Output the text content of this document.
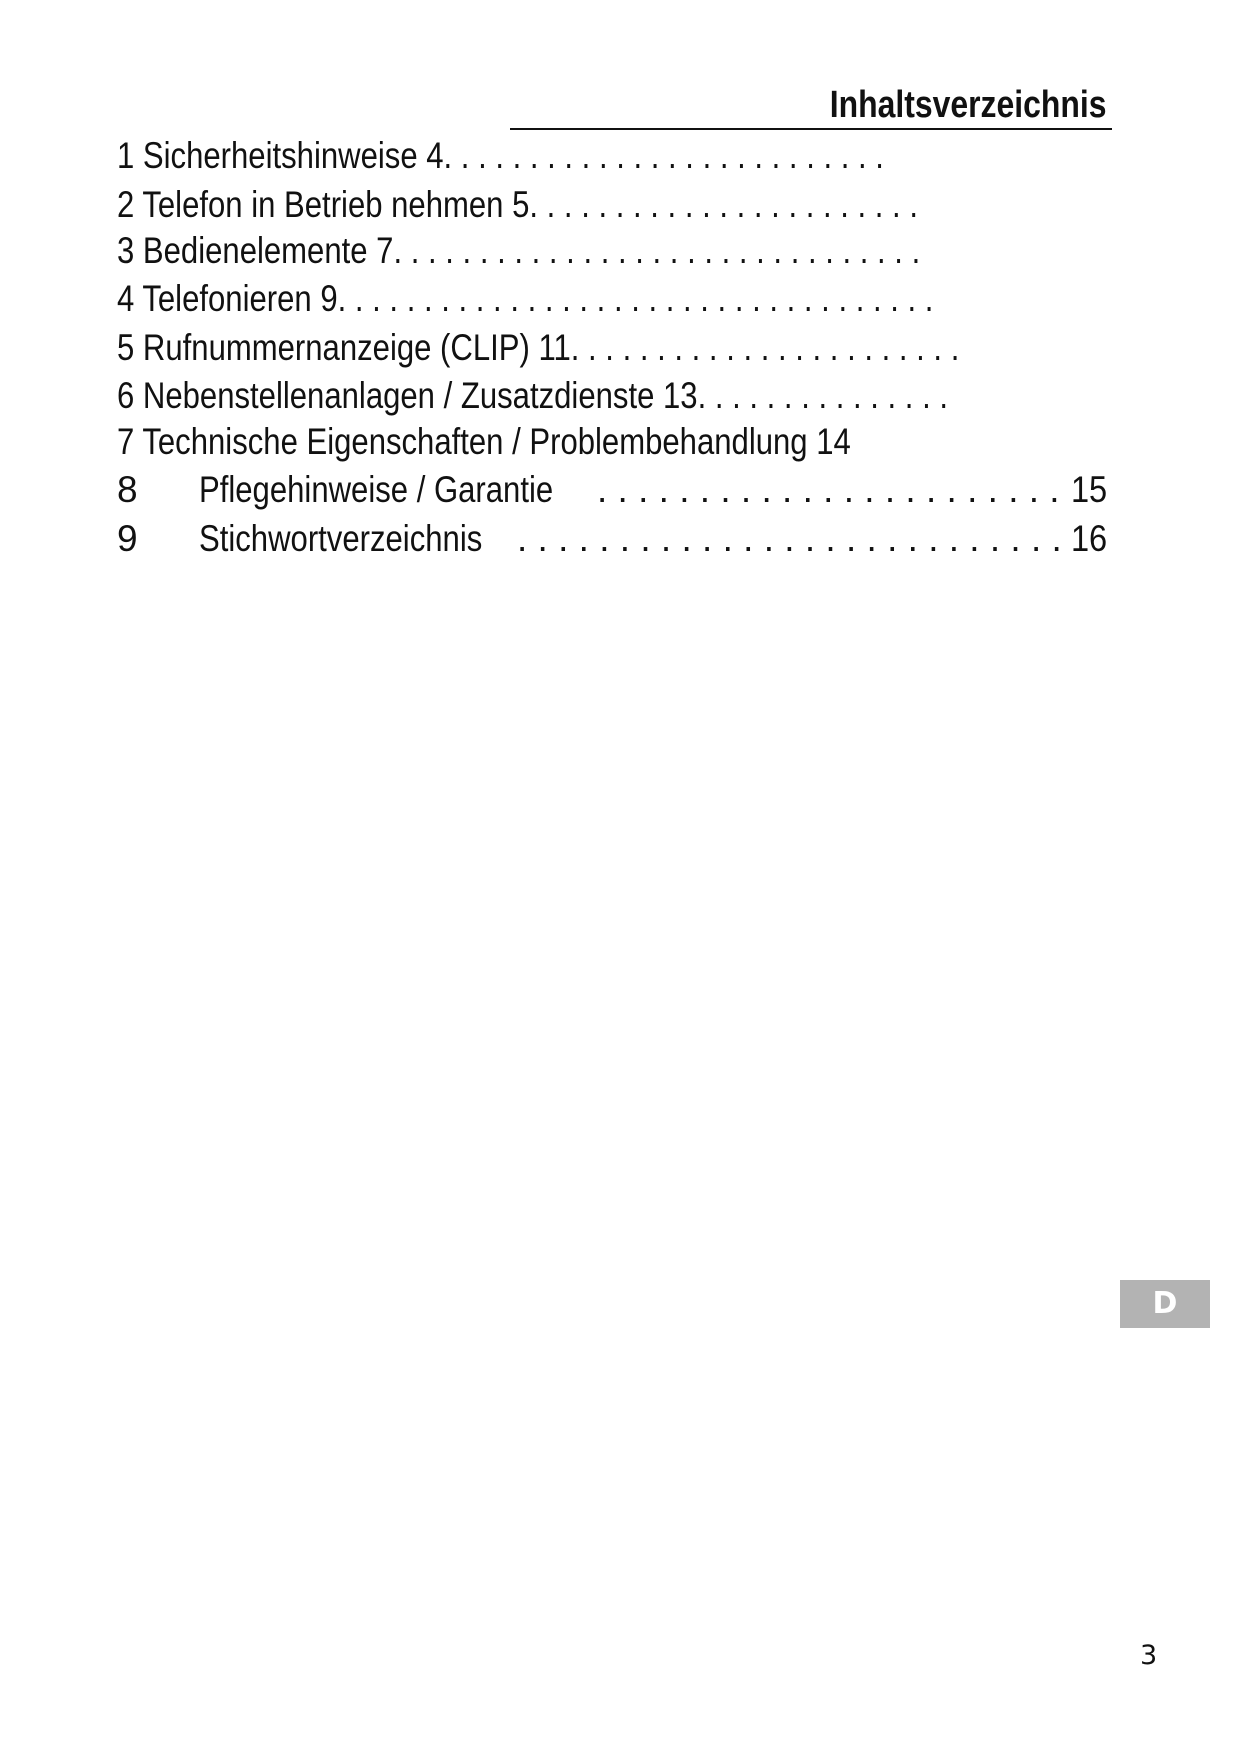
Inhaltsverzeichnis
1 Sicherheitshinweise 4. . . . . . . . . . . . . . . . . . . . . . . . . .
2 Telefon in Betrieb nehmen 5. . . . . . . . . . . . . . . . . . . . . . .
3 Bedienelemente 7. . . . . . . . . . . . . . . . . . . . . . . . . . . . . . .
4 Telefonieren 9. . . . . . . . . . . . . . . . . . . . . . . . . . . . . . . . . . .
5 Rufnummernanzeige (CLIP) 11. . . . . . . . . . . . . . . . . . . . . . .
6 Nebenstellenanlagen / Zusatzdienste 13. . . . . . . . . . . . . . .
7 Technische Eigenschaften / Problembehandlung 14
8 Pflegehinweise / Garantie . . . . . . . . . . . . . . . . . . . . . . . 15
9 Stichwortverzeichnis . . . . . . . . . . . . . . . . . . . . . . . . . . . 16
D
3
